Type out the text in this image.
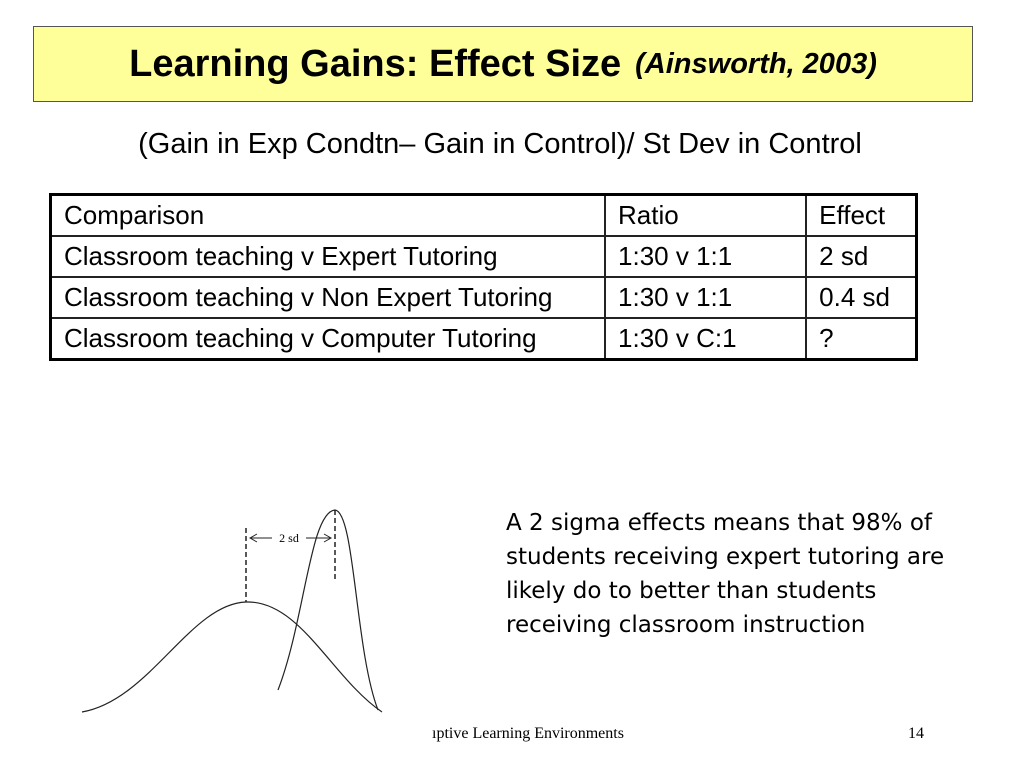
Learning Gains: Effect Size (Ainsworth, 2003)
(Gain in Exp Condtn– Gain in Control)/ St Dev in Control
Comparison	Ratio	Effect
Classroom teaching v Expert Tutoring	1:30 v 1:1	2 sd
Classroom teaching v Non Expert Tutoring	1:30 v 1:1	0.4 sd
Classroom teaching v Computer Tutoring	1:30 v C:1	?
2 sd
A 2 sigma effects means that 98% of students receiving expert tutoring are likely do to better than students receiving classroom instruction
ıptive Learning Environments	14
